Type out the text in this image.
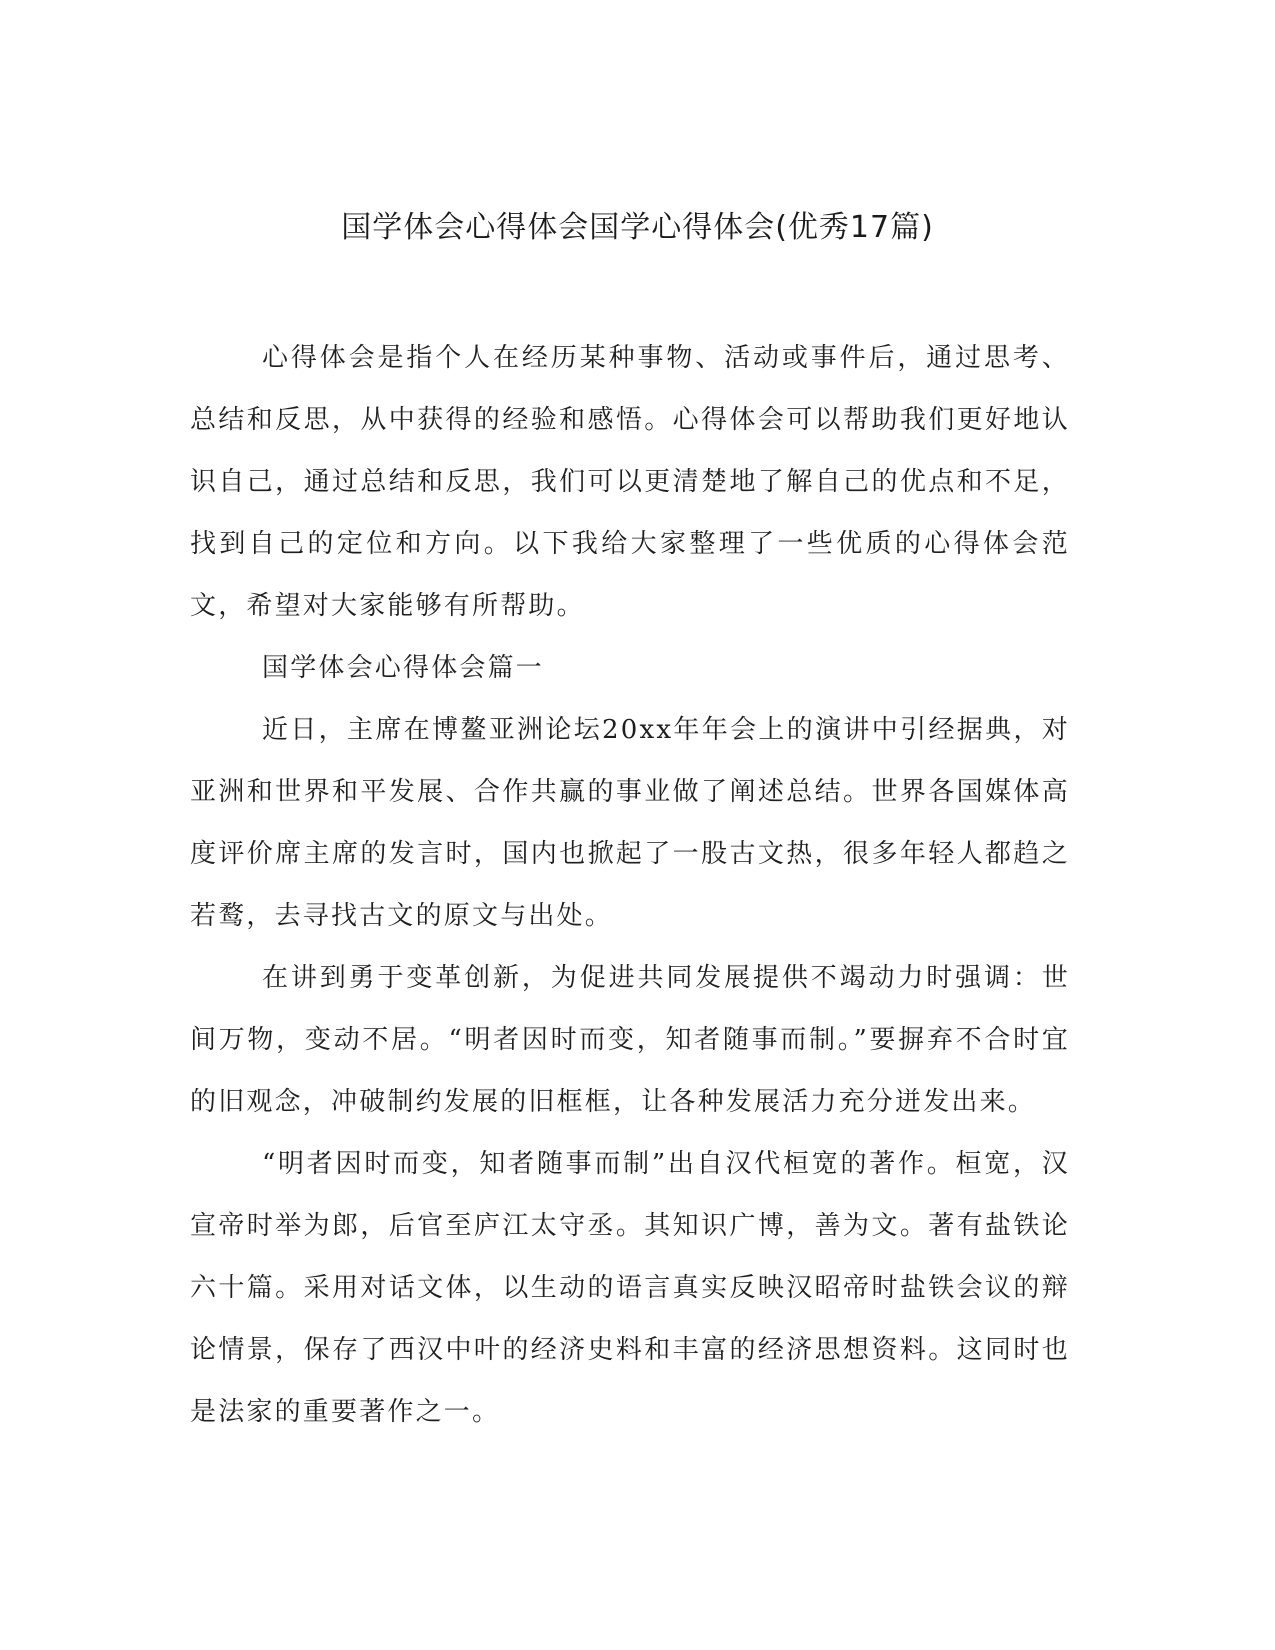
国学体会心得体会国学心得体会(优秀17篇)

心得体会是指个人在经历某种事物、活动或事件后，通过思考、总结和反思，从中获得的经验和感悟。心得体会可以帮助我们更好地认识自己，通过总结和反思，我们可以更清楚地了解自己的优点和不足，找到自己的定位和方向。以下我给大家整理了一些优质的心得体会范文，希望对大家能够有所帮助。

国学体会心得体会篇一

近日，主席在博鳌亚洲论坛20xx年年会上的演讲中引经据典，对亚洲和世界和平发展、合作共赢的事业做了阐述总结。世界各国媒体高度评价席主席的发言时，国内也掀起了一股古文热，很多年轻人都趋之若鹜，去寻找古文的原文与出处。

在讲到勇于变革创新，为促进共同发展提供不竭动力时强调：世间万物，变动不居。“明者因时而变，知者随事而制。”要摒弃不合时宜的旧观念，冲破制约发展的旧框框，让各种发展活力充分迸发出来。

“明者因时而变，知者随事而制”出自汉代桓宽的著作。桓宽，汉宣帝时举为郎，后官至庐江太守丞。其知识广博，善为文。著有盐铁论六十篇。采用对话文体，以生动的语言真实反映汉昭帝时盐铁会议的辩论情景，保存了西汉中叶的经济史料和丰富的经济思想资料。这同时也是法家的重要著作之一。
